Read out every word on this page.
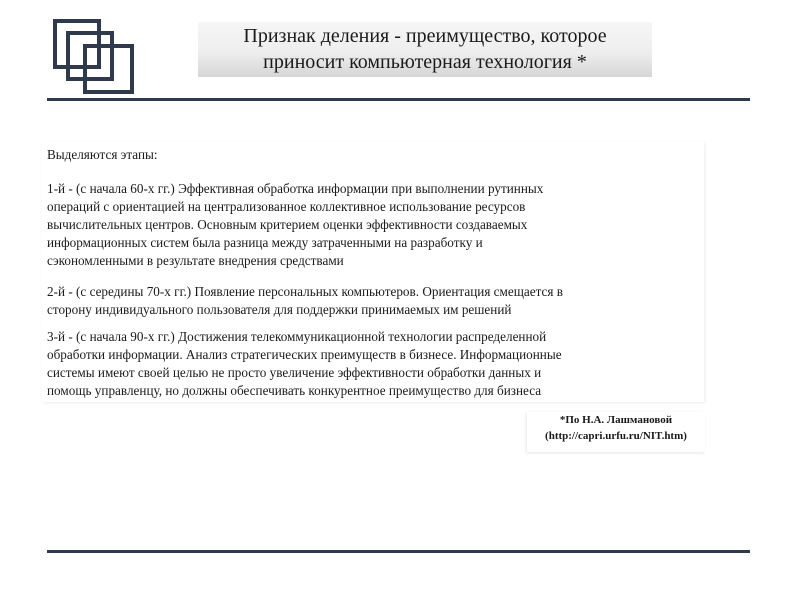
Признак деления - преимущество, которое
приносит компьютерная технология *
Выделяются этапы:
1-й - (с начала 60-х гг.) Эффективная обработка информации при выполнении рутинных
операций с ориентацией на централизованное коллективное использование ресурсов
вычислительных центров. Основным критерием оценки эффективности создаваемых
информационных систем была разница между затраченными на разработку и
сэкономленными в результате внедрения средствами
2-й - (с середины 70-х гг.) Появление персональных компьютеров. Ориентация смещается в
сторону индивидуального пользователя для поддержки принимаемых им решений
3-й - (с начала 90-х гг.) Достижения телекоммуникационной технологии распределенной
обработки информации. Анализ стратегических преимуществ в бизнесе. Информационные
системы имеют своей целью не просто увеличение эффективности обработки данных и
помощь управленцу, но должны обеспечивать конкурентное преимущество для бизнеса
*По Н.А. Лашмановой
(http://capri.urfu.ru/NIT.htm)
